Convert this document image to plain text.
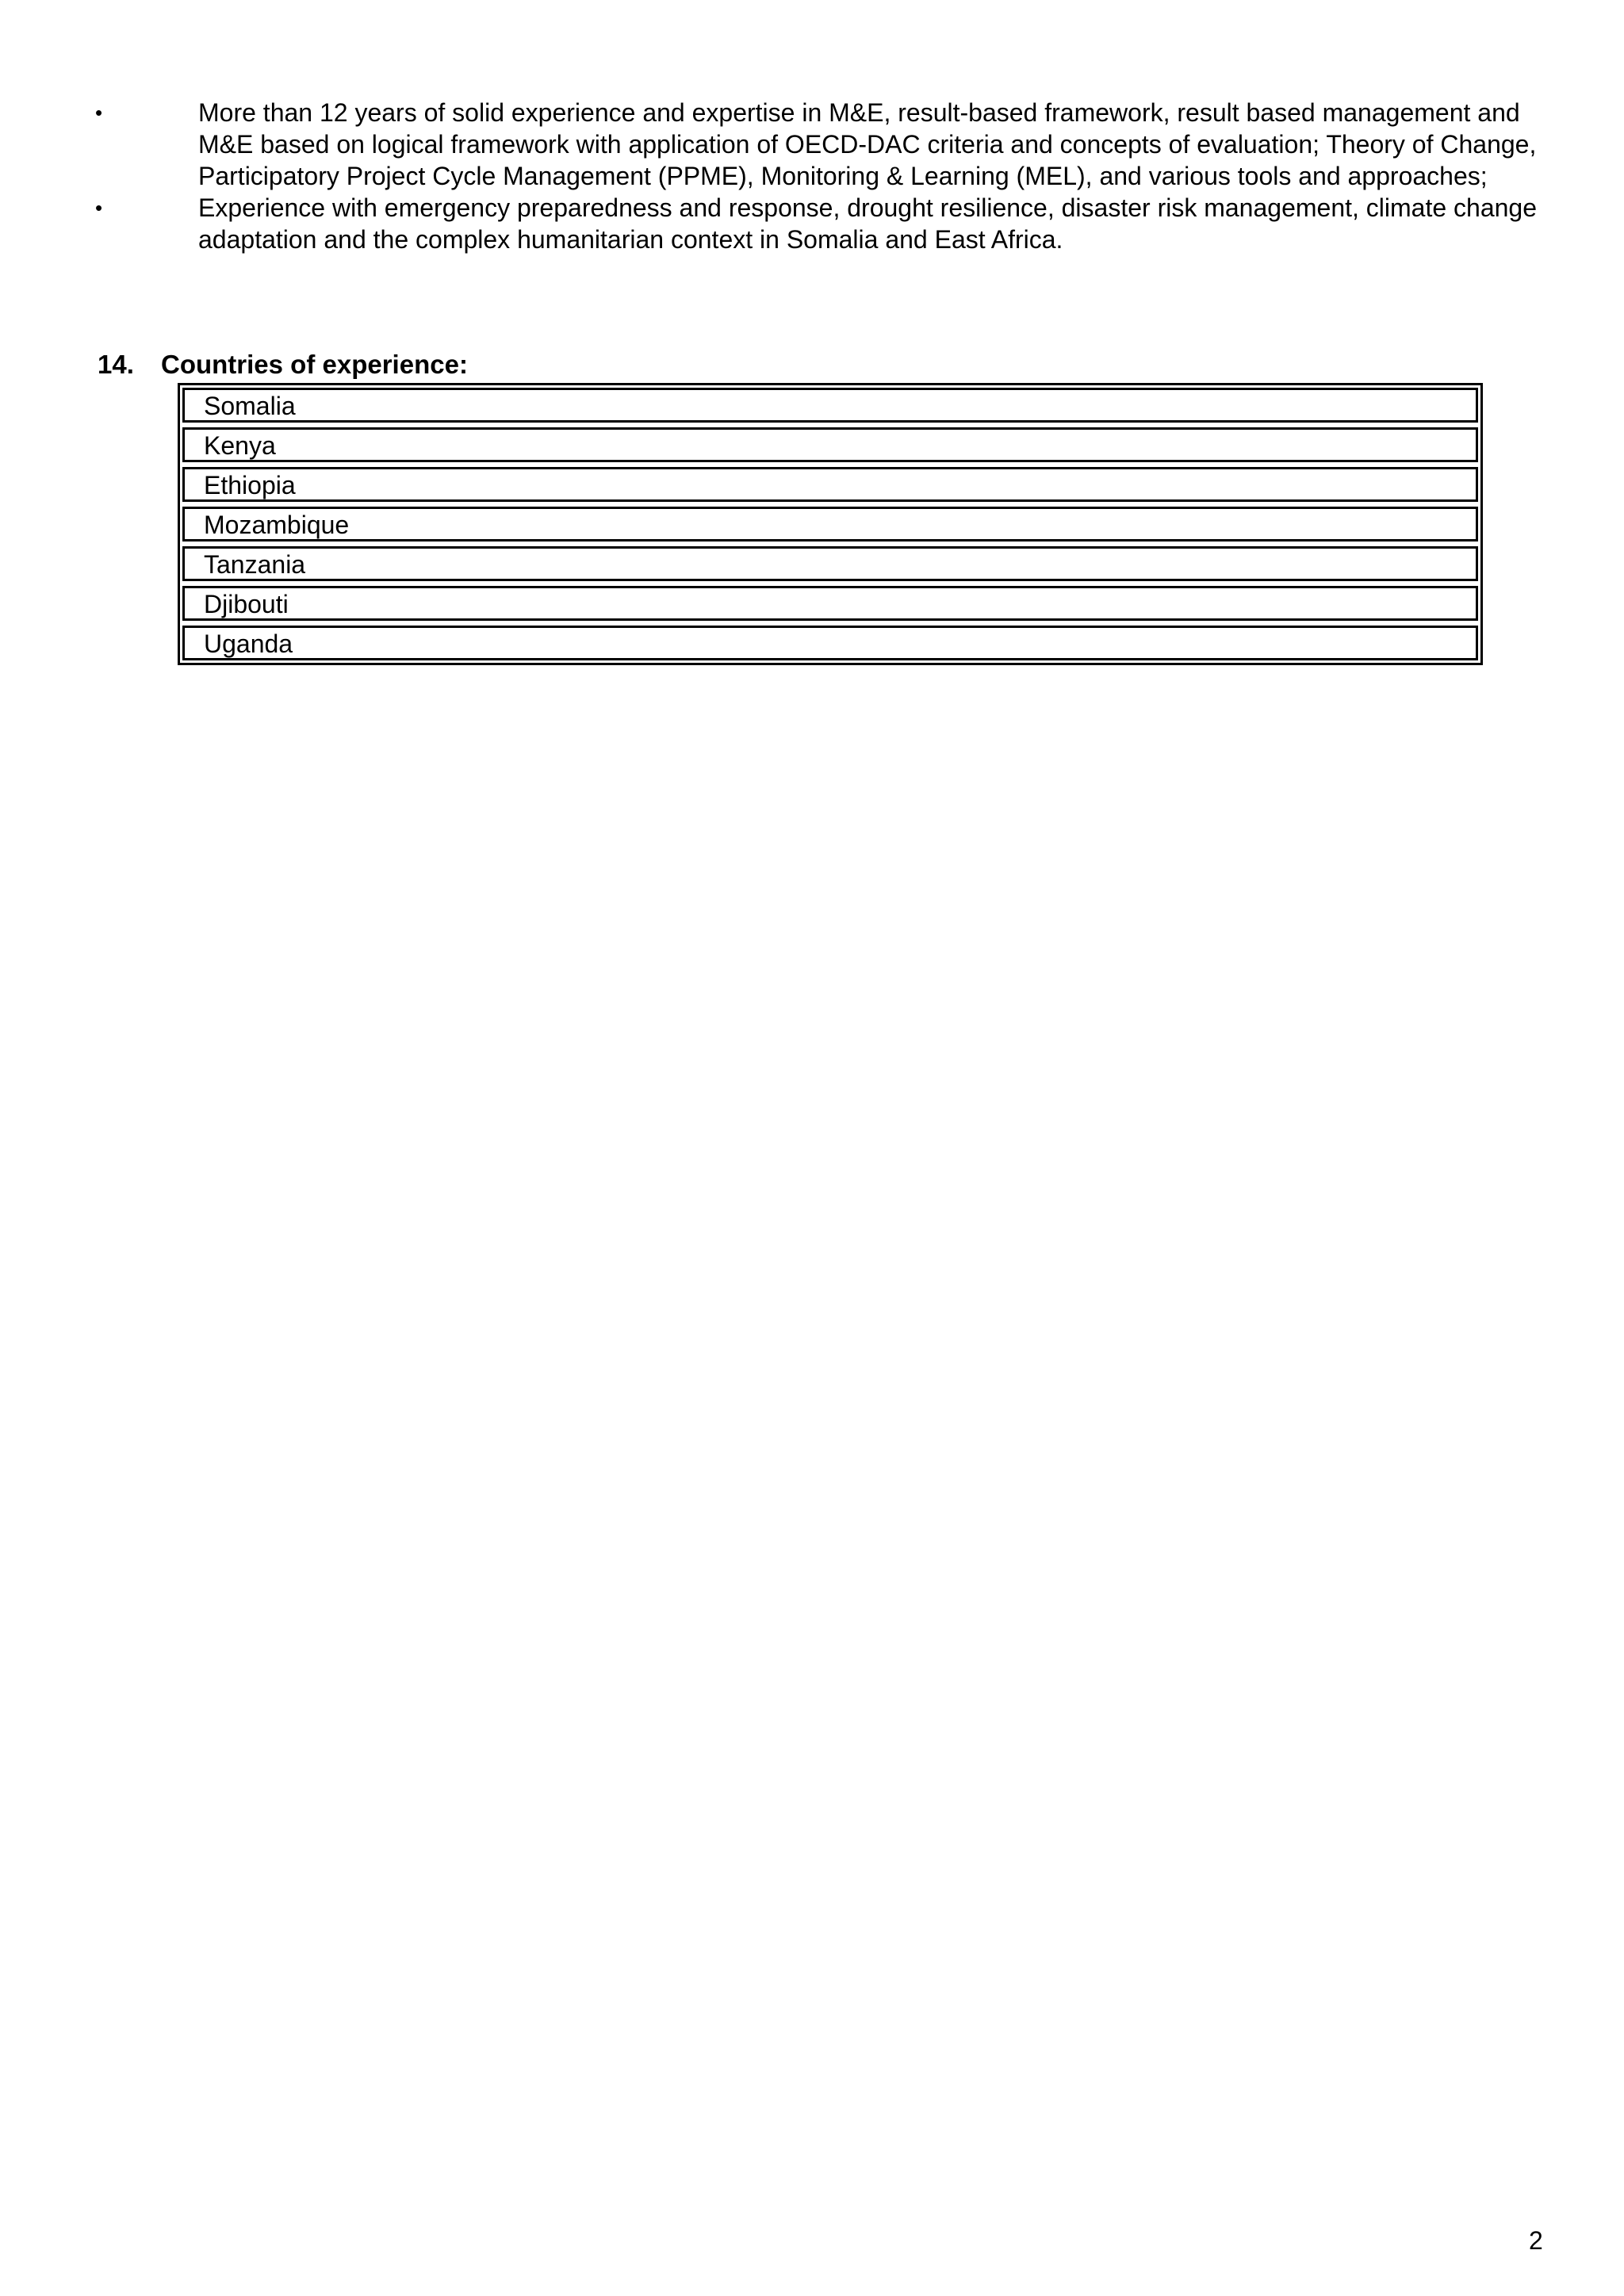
•	More than 12 years of solid experience and expertise in M&E, result-based framework, result based management and M&E based on logical framework with application of OECD-DAC criteria and concepts of evaluation; Theory of Change, Participatory Project Cycle Management (PPME), Monitoring & Learning (MEL), and various tools and approaches;
•	Experience with emergency preparedness and response, drought resilience, disaster risk management, climate change adaptation and the complex humanitarian context in Somalia and East Africa.
14. Countries of experience:
Somalia
Kenya
Ethiopia
Mozambique
Tanzania
Djibouti
Uganda
2
